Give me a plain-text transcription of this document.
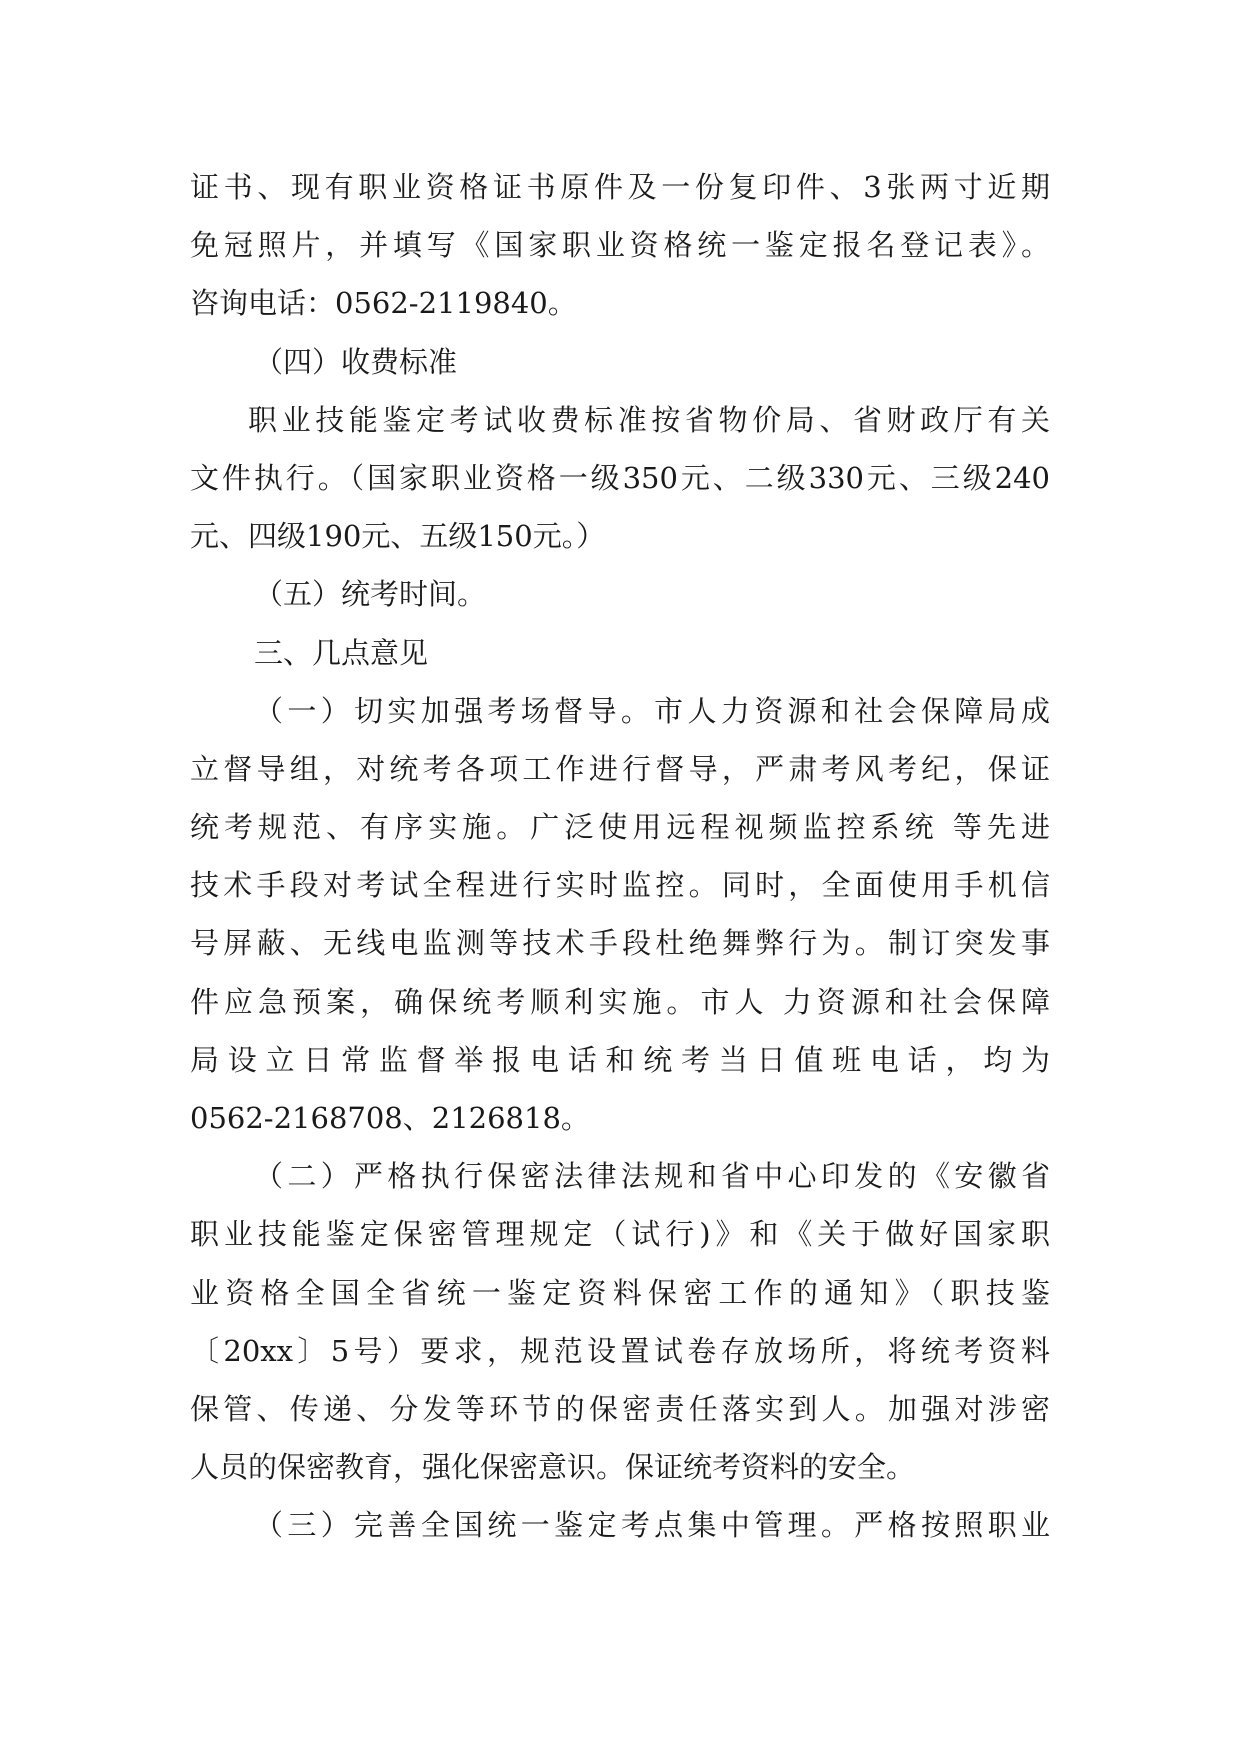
证书、现有职业资格证书原件及一份复印件、3张两寸近期
免冠照片，并填写《国家职业资格统一鉴定报名登记表》。
咨询电话：0562-2119840。
（四）收费标准
职业技能鉴定考试收费标准按省物价局、省财政厅有关
文件执行。（国家职业资格一级350元、二级330元、三级240
元、四级190元、五级150元。）
（五）统考时间。
三、几点意见
（一）切实加强考场督导。市人力资源和社会保障局成
立督导组，对统考各项工作进行督导，严肃考风考纪，保证
统考规范、有序实施。广泛使用远程视频监控系统 等先进
技术手段对考试全程进行实时监控。同时，全面使用手机信
号屏蔽、无线电监测等技术手段杜绝舞弊行为。制订突发事
件应急预案，确保统考顺利实施。市人 力资源和社会保障
局设立日常监督举报电话和统考当日值班电话，均为
0562-2168708、2126818。
（二）严格执行保密法律法规和省中心印发的《安徽省
职业技能鉴定保密管理规定（试行)》和《关于做好国家职
业资格全国全省统一鉴定资料保密工作的通知》（职技鉴
〔20xx〕5号）要求，规范设置试卷存放场所，将统考资料
保管、传递、分发等环节的保密责任落实到人。加强对涉密
人员的保密教育，强化保密意识。保证统考资料的安全。
（三）完善全国统一鉴定考点集中管理。严格按照职业
